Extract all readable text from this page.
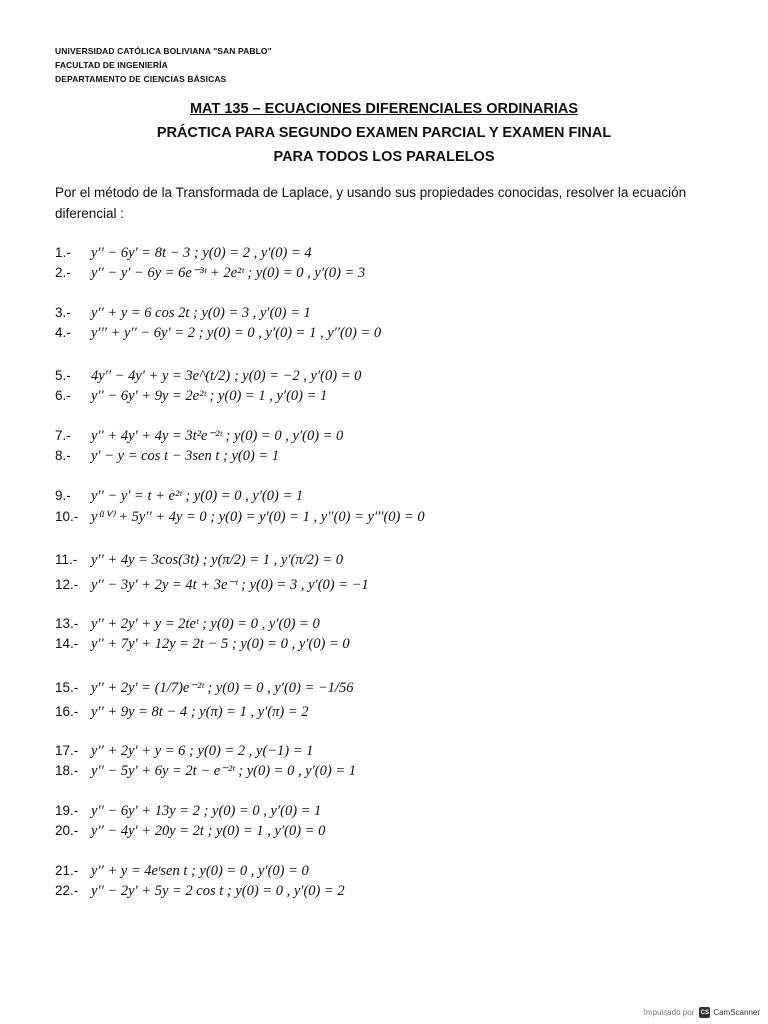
UNIVERSIDAD CATÓLICA BOLIVIANA "SAN PABLO"
FACULTAD DE INGENIERÍA
DEPARTAMENTO DE CIENCIAS BÁSICAS
MAT 135 – ECUACIONES DIFERENCIALES ORDINARIAS
PRÁCTICA PARA SEGUNDO EXAMEN PARCIAL Y EXAMEN FINAL
PARA TODOS LOS PARALELOS
Por el método de la Transformada de Laplace, y usando sus propiedades conocidas, resolver la ecuación diferencial :
1.- y′′ − 6y′ = 8t − 3 ; y(0) = 2 , y′(0) = 4
2.- y′′ − y′ − 6y = 6e⁻³ᵗ + 2e²ᵗ ; y(0) = 0 , y′(0) = 3
3.- y′′ + y = 6 cos 2t ; y(0) = 3 , y′(0) = 1
4.- y′′′ + y′′ − 6y′ = 2 ; y(0) = 0 , y′(0) = 1 , y′′(0) = 0
5.- 4y′′ − 4y′ + y = 3e^(t/2) ; y(0) = −2 , y′(0) = 0
6.- y′′ − 6y′ + 9y = 2e²ᵗ ; y(0) = 1 , y′(0) = 1
7.- y′′ + 4y′ + 4y = 3t²e⁻²ᵗ ; y(0) = 0 , y′(0) = 0
8.- y′ − y = cos t − 3sen t ; y(0) = 1
9.- y′′ − y′ = t + e²ᵗ ; y(0) = 0 , y′(0) = 1
10.- y⁽ᴵⱽ⁾ + 5y′′ + 4y = 0 ; y(0) = y′(0) = 1 , y′′(0) = y′′′(0) = 0
11.- y′′ + 4y = 3cos(3t) ; y(π/2) = 1 , y′(π/2) = 0
12.- y′′ − 3y′ + 2y = 4t + 3e⁻ᵗ ; y(0) = 3 , y′(0) = −1
13.- y′′ + 2y′ + y = 2teᵗ ; y(0) = 0 , y′(0) = 0
14.- y′′ + 7y′ + 12y = 2t − 5 ; y(0) = 0 , y′(0) = 0
15.- y′′ + 2y′ = (1/7)e⁻²ᵗ ; y(0) = 0 , y′(0) = −1/56
16.- y′′ + 9y = 8t − 4 ; y(π) = 1 , y′(π) = 2
17.- y′′ + 2y′ + y = 6 ; y(0) = 2 , y(−1) = 1
18.- y′′ − 5y′ + 6y = 2t − e⁻²ᵗ ; y(0) = 0 , y′(0) = 1
19.- y′′ − 6y′ + 13y = 2 ; y(0) = 0 , y′(0) = 1
20.- y′′ − 4y′ + 20y = 2t ; y(0) = 1 , y′(0) = 0
21.- y′′ + y = 4eᵗsen t ; y(0) = 0 , y′(0) = 0
22.- y′′ − 2y′ + 5y = 2 cos t ; y(0) = 0 , y′(0) = 2
Impulsado por CS CamScanner
